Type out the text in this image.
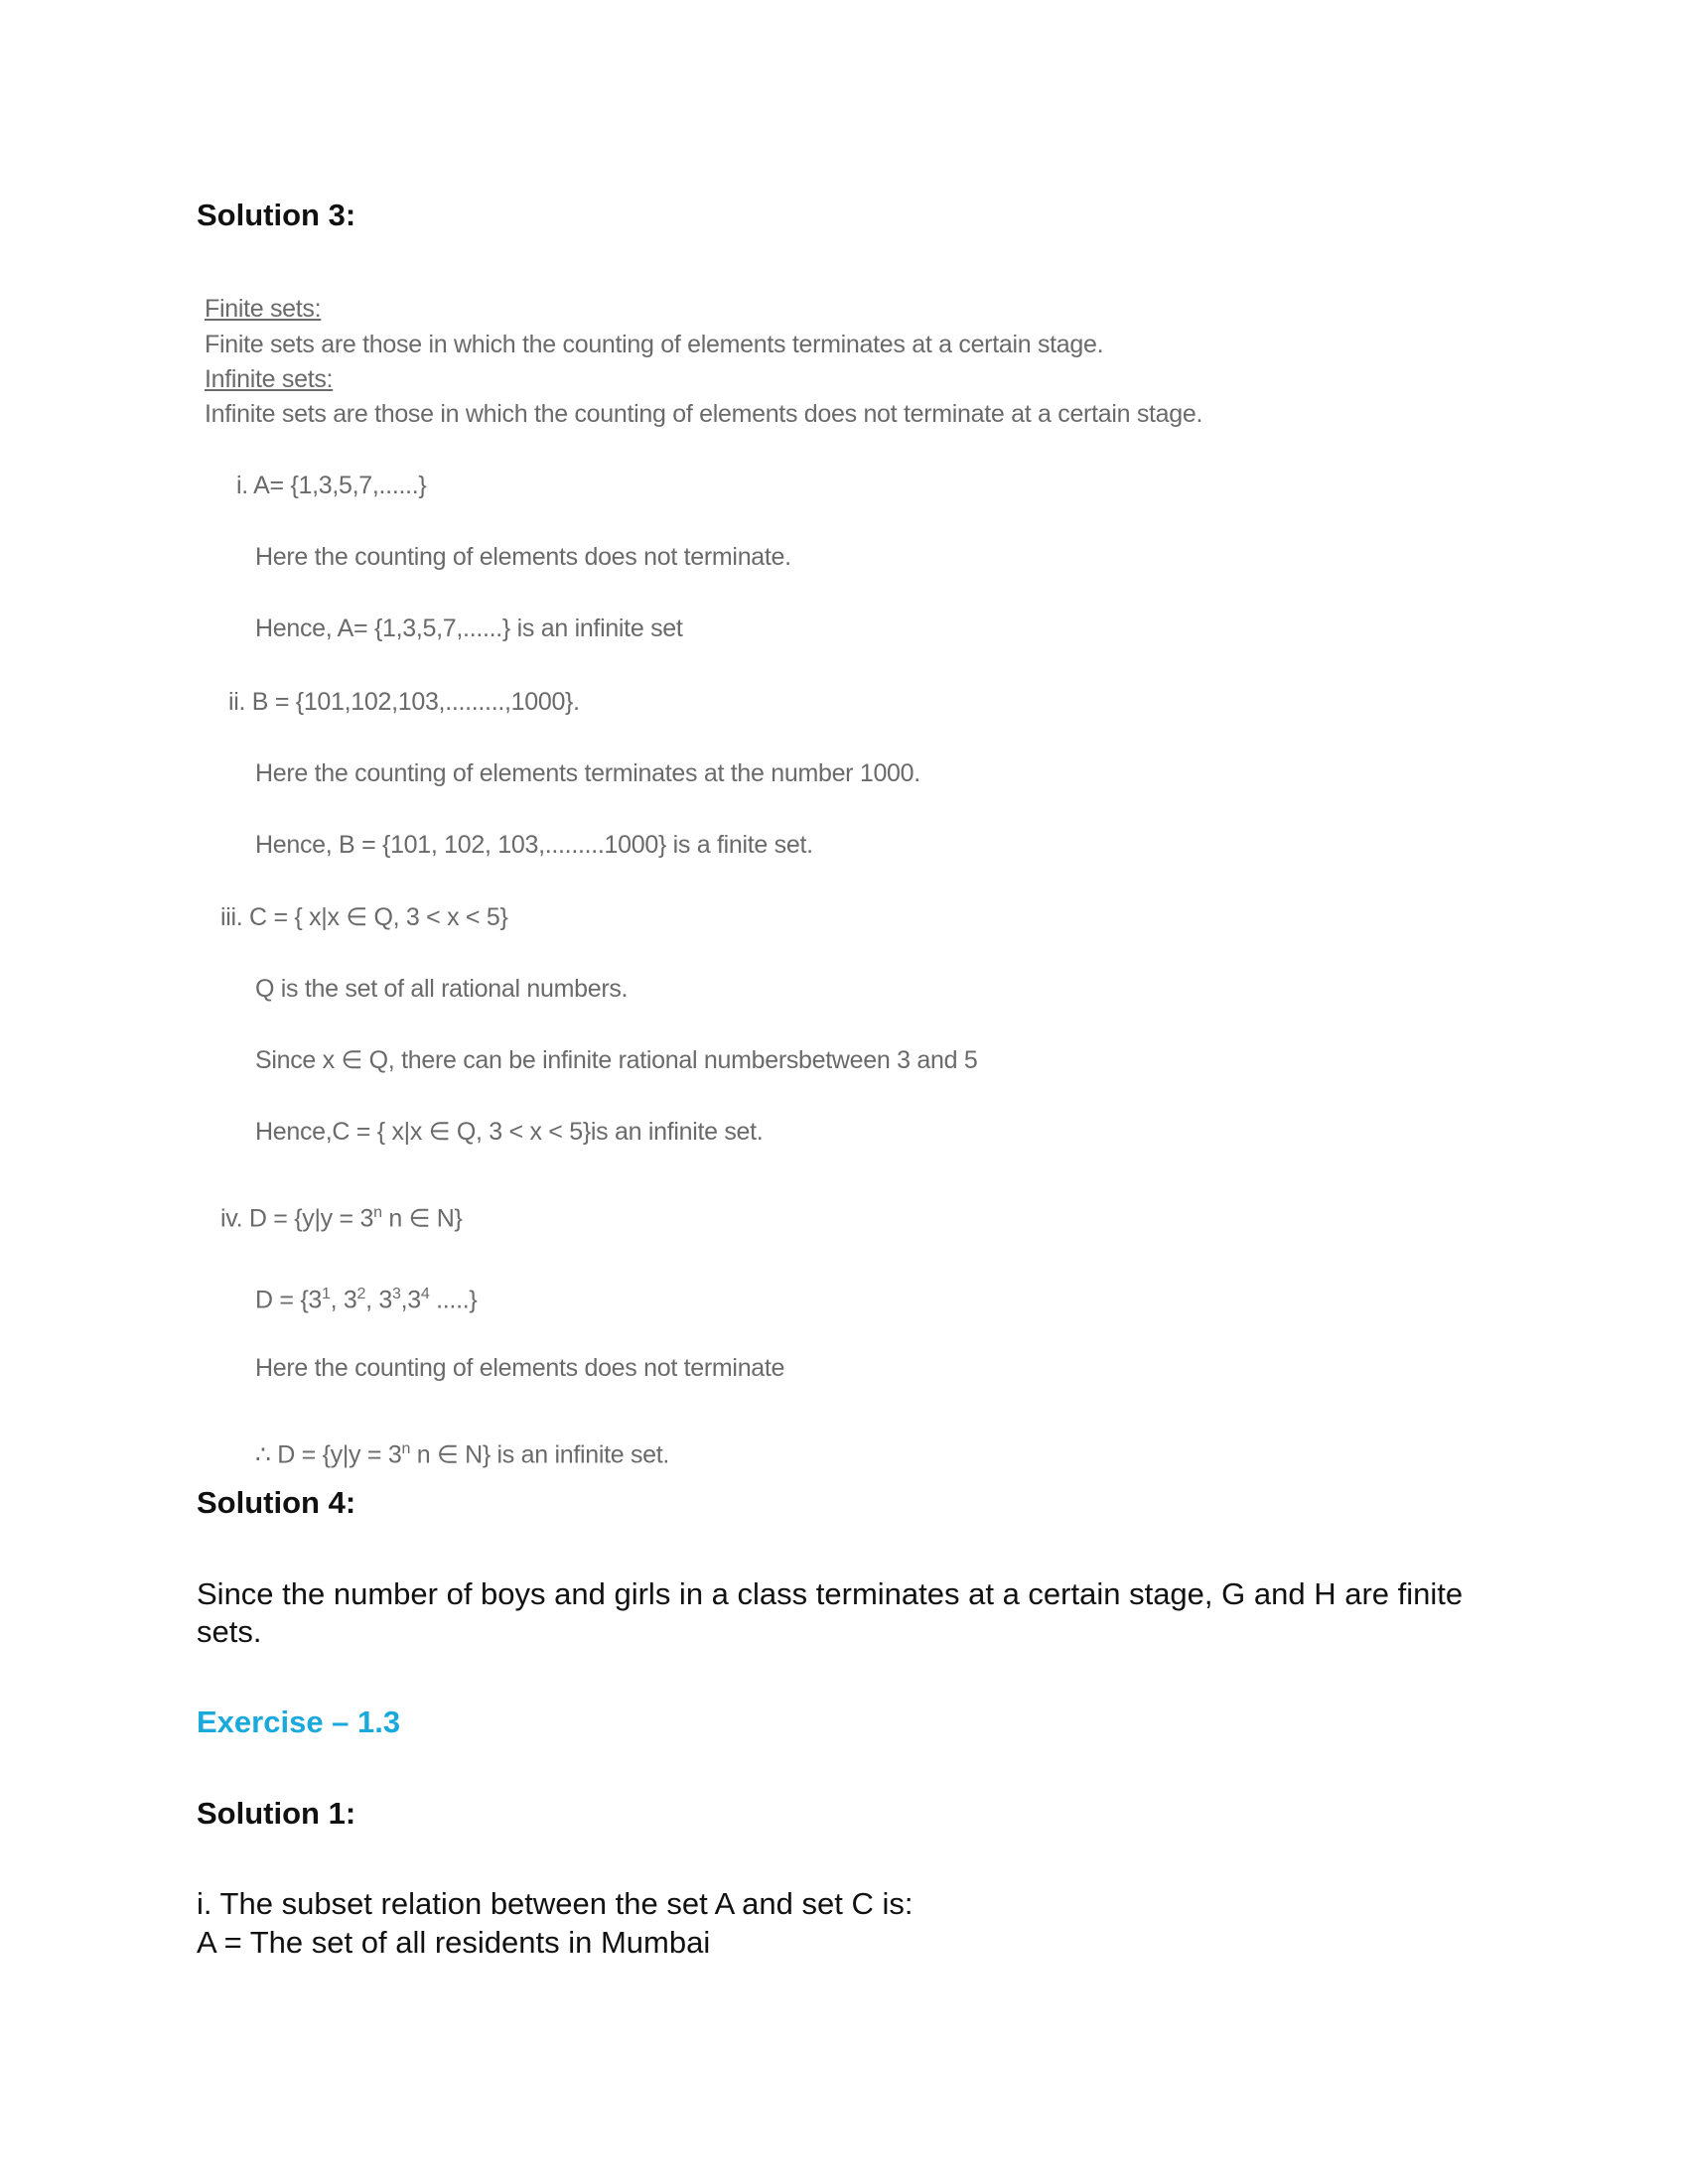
Solution 3:
Finite sets:
Finite sets are those in which the counting of elements terminates at a certain stage.
Infinite sets:
Infinite sets are those in which the counting of elements does not terminate at a certain stage.
i. A= {1,3,5,7,......}
Here the counting of elements does not terminate.
Hence, A= {1,3,5,7,......} is an infinite set
ii. B = {101,102,103,.........,1000}.
Here the counting of elements terminates at the number 1000.
Hence, B = {101, 102, 103,.........1000} is a finite set.
iii. C = { x|x ∈ Q, 3 < x < 5}
Q is the set of all rational numbers.
Since x ∈ Q, there can be infinite rational numbersbetween 3 and 5
Hence,C = { x|x ∈ Q, 3 < x < 5}is an infinite set.
iv. $D = \{y|y = 3^n$ n ∈ N}
$D = \{3^1$, $3^2$, $3^3,3^4$ .....}
Here the counting of elements does not terminate
∴ $D = \{y|y = 3^n$ n ∈ N} is an infinite set.
Solution 4:
Since the number of boys and girls in a class terminates at a certain stage, G and H are finite sets.
Exercise – 1.3
Solution 1:
i. The subset relation between the set A and set C is:
A = The set of all residents in Mumbai
